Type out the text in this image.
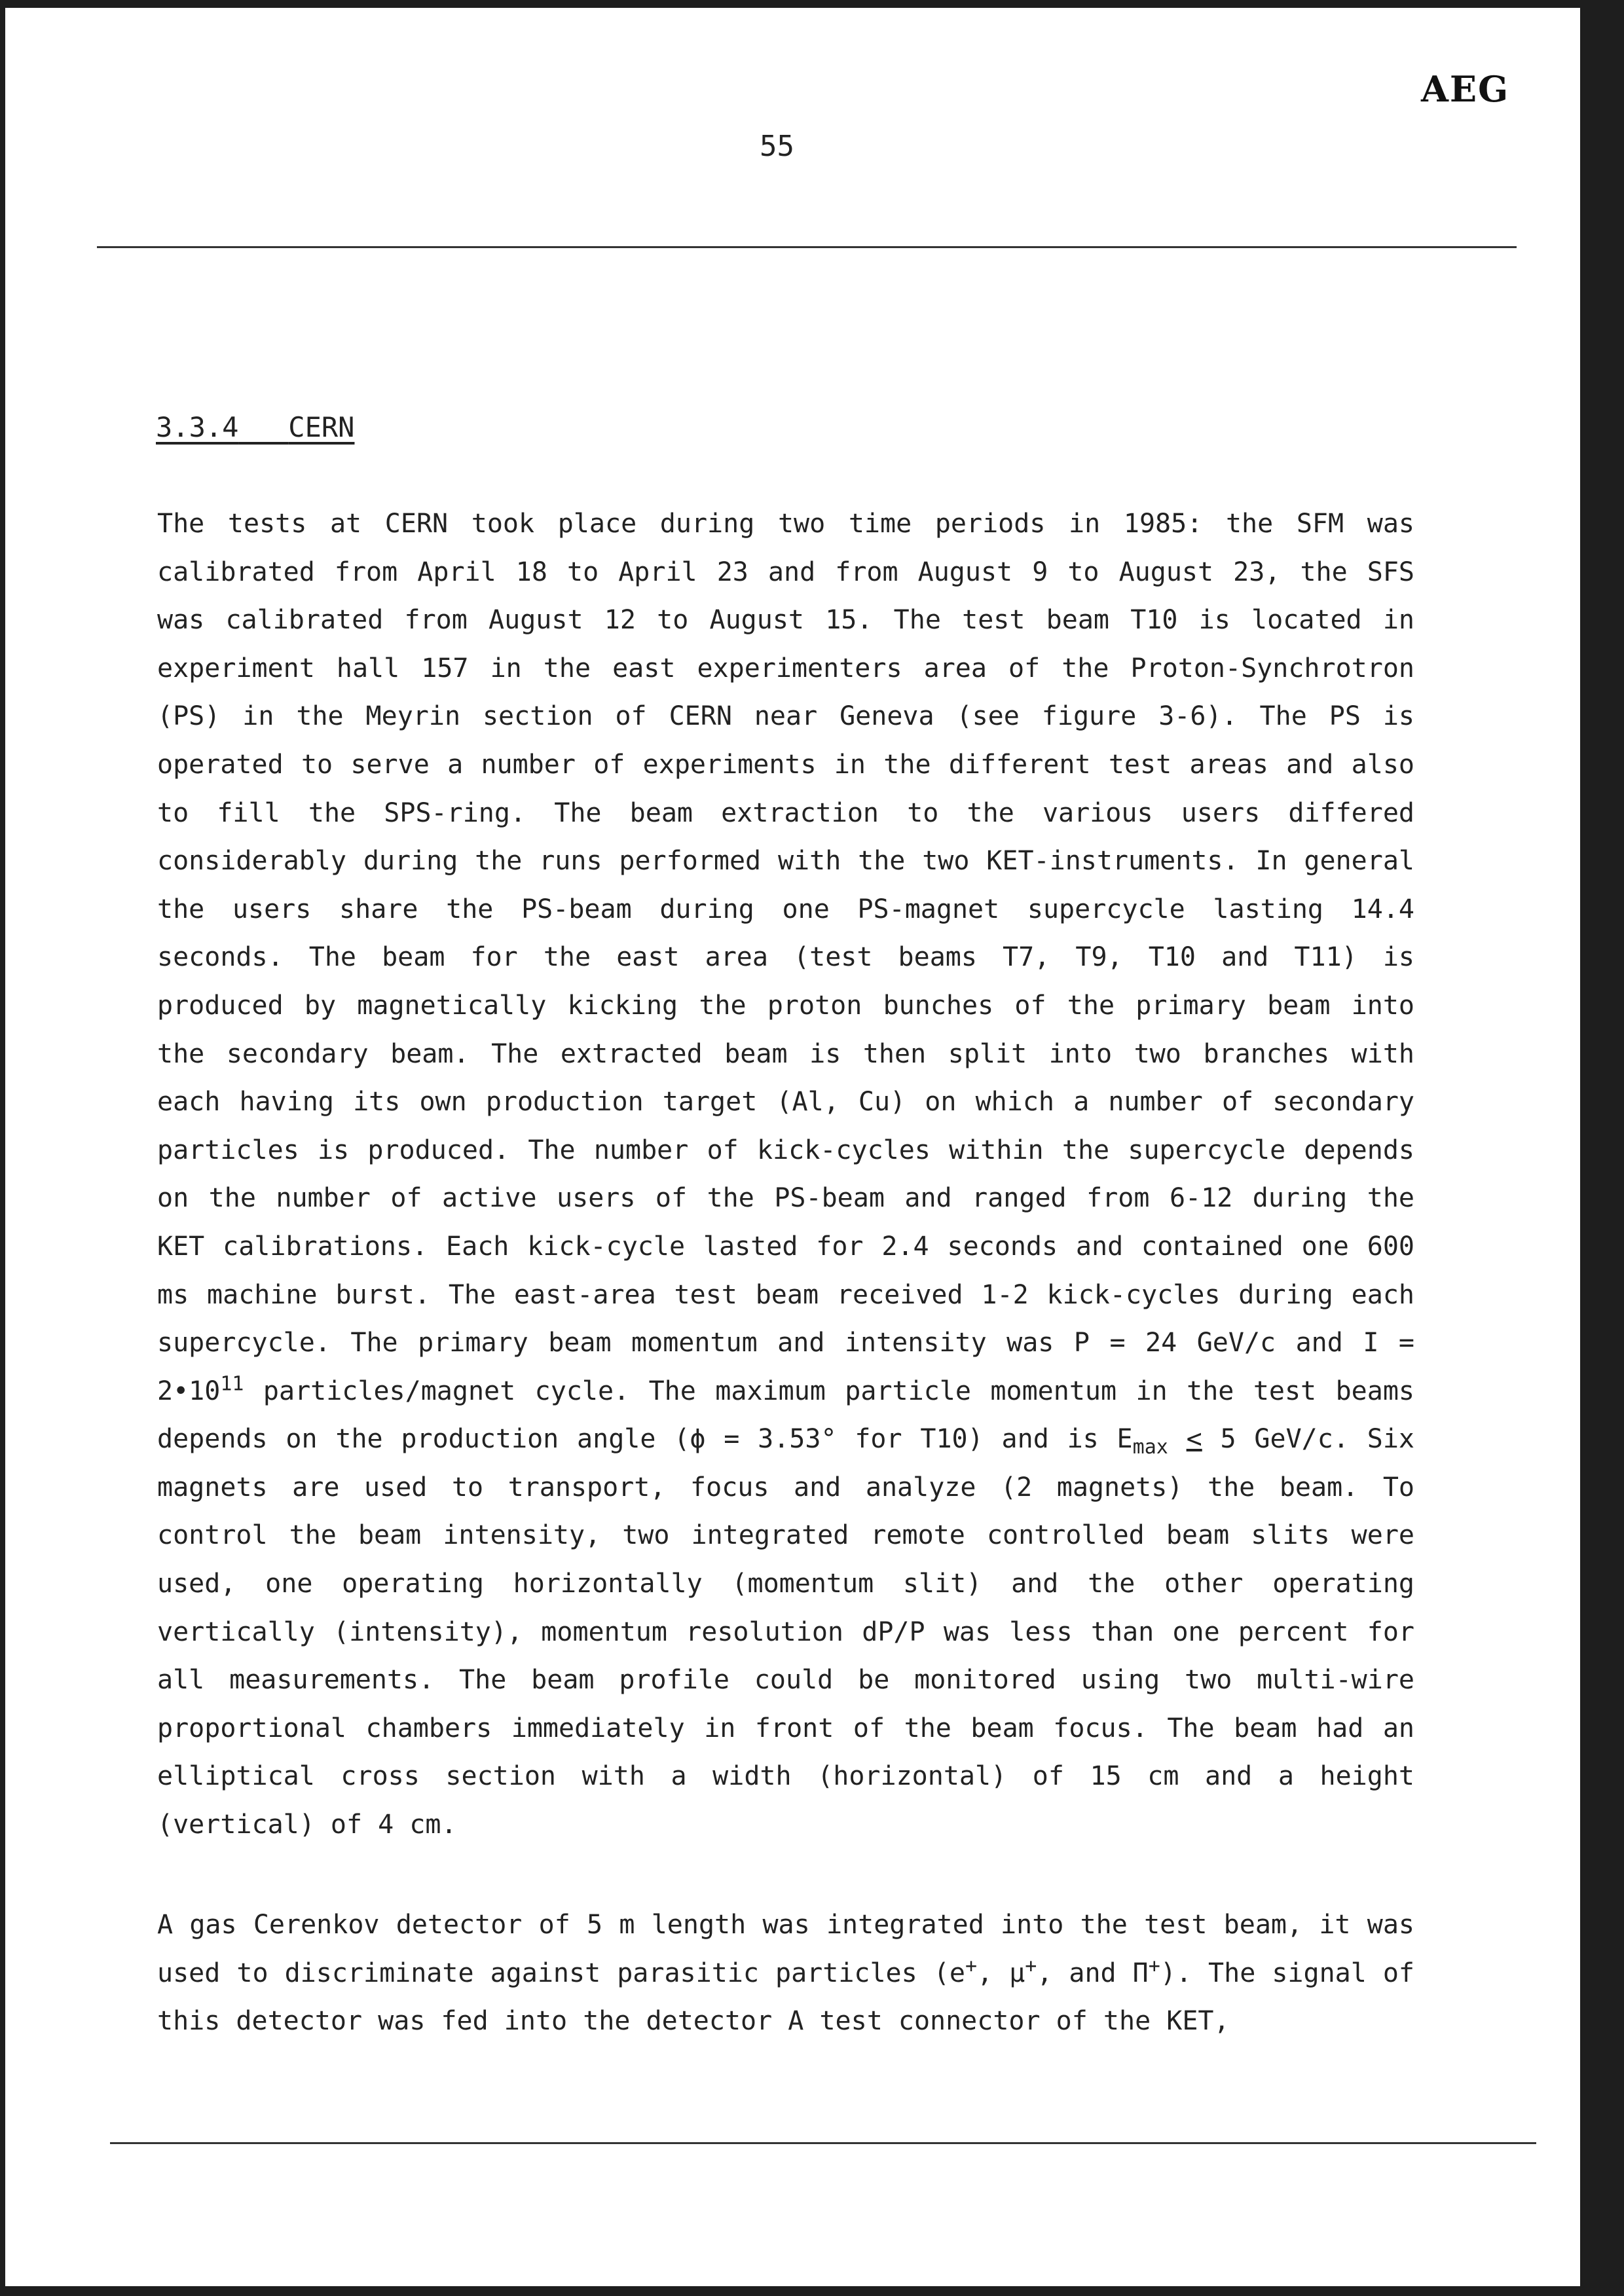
AEG
55
3.3.4 CERN
The tests at CERN took place during two time periods in 1985: the SFM was calibrated from April 18 to April 23 and from August 9 to August 23, the SFS was calibrated from August 12 to August 15. The test beam T10 is located in experiment hall 157 in the east experimenters area of the Proton-Synchrotron (PS) in the Meyrin section of CERN near Geneva (see figure 3-6). The PS is operated to serve a number of experiments in the different test areas and also to fill the SPS-ring. The beam extraction to the various users differed considerably during the runs performed with the two KET-instruments. In general the users share the PS-beam during one PS-magnet supercycle lasting 14.4 seconds. The beam for the east area (test beams T7, T9, T10 and T11) is produced by magnetically kicking the proton bunches of the primary beam into the secondary beam. The extracted beam is then split into two branches with each having its own production target (Al, Cu) on which a number of secondary particles is produced. The number of kick-cycles within the supercycle depends on the number of active users of the PS-beam and ranged from 6-12 during the KET calibrations. Each kick-cycle lasted for 2.4 seconds and contained one 600 ms machine burst. The east-area test beam received 1-2 kick-cycles during each supercycle. The primary beam momentum and intensity was P = 24 GeV/c and $I = 2•10^{11}$ particles/magnet cycle. The maximum particle momentum in the test beams depends on the production angle (ϕ = 3.53° for T10) and is $E_{max} \le 5$ GeV/c. Six magnets are used to transport, focus and analyze (2 magnets) the beam. To control the beam intensity, two integrated remote controlled beam slits were used, one operating horizontally (momentum slit) and the other operating vertically (intensity), momentum resolution dP/P was less than one percent for all measurements. The beam profile could be monitored using two multi-wire proportional chambers immediately in front of the beam focus. The beam had an elliptical cross section with a width (horizontal) of 15 cm and a height (vertical) of 4 cm.
A gas Cerenkov detector of 5 m length was integrated into the test beam, it was used to discriminate against parasitic particles (e+, μ+, and Π+). The signal of this detector was fed into the detector A test connector of the KET,
